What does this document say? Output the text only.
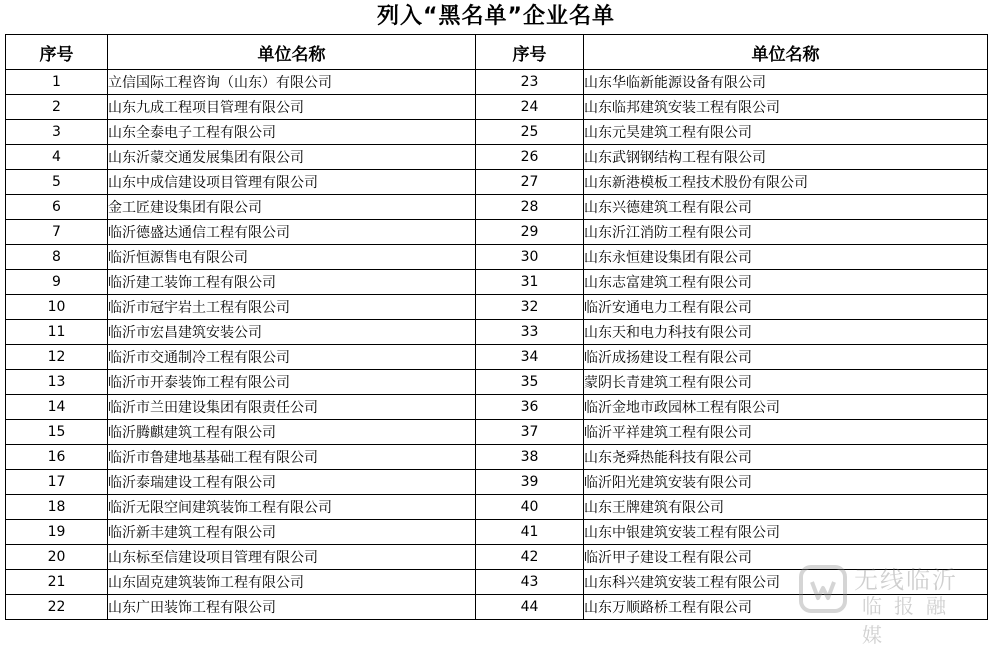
列入“黑名单”企业名单
序号	单位名称	序号	单位名称
1	立信国际工程咨询（山东）有限公司	23	山东华临新能源设备有限公司
2	山东九成工程项目管理有限公司	24	山东临邦建筑安装工程有限公司
3	山东全泰电子工程有限公司	25	山东元昊建筑工程有限公司
4	山东沂蒙交通发展集团有限公司	26	山东武钢钢结构工程有限公司
5	山东中成信建设项目管理有限公司	27	山东新港模板工程技术股份有限公司
6	金工匠建设集团有限公司	28	山东兴德建筑工程有限公司
7	临沂德盛达通信工程有限公司	29	山东沂江消防工程有限公司
8	临沂恒源售电有限公司	30	山东永恒建设集团有限公司
9	临沂建工装饰工程有限公司	31	山东志富建筑工程有限公司
10	临沂市冠宇岩土工程有限公司	32	临沂安通电力工程有限公司
11	临沂市宏昌建筑安装公司	33	山东天和电力科技有限公司
12	临沂市交通制冷工程有限公司	34	临沂成扬建设工程有限公司
13	临沂市开泰装饰工程有限公司	35	蒙阴长青建筑工程有限公司
14	临沂市兰田建设集团有限责任公司	36	临沂金地市政园林工程有限公司
15	临沂腾麒建筑工程有限公司	37	临沂平祥建筑工程有限公司
16	临沂市鲁建地基基础工程有限公司	38	山东尧舜热能科技有限公司
17	临沂泰瑞建设工程有限公司	39	临沂阳光建筑安装有限公司
18	临沂无限空间建筑装饰工程有限公司	40	山东王牌建筑有限公司
19	临沂新丰建筑工程有限公司	41	山东中银建筑安装工程有限公司
20	山东标至信建设项目管理有限公司	42	临沂甲子建设工程有限公司
21	山东固克建筑装饰工程有限公司	43	山东科兴建筑安装工程有限公司
22	山东广田装饰工程有限公司	44	山东万顺路桥工程有限公司
无线临沂
临报融媒
